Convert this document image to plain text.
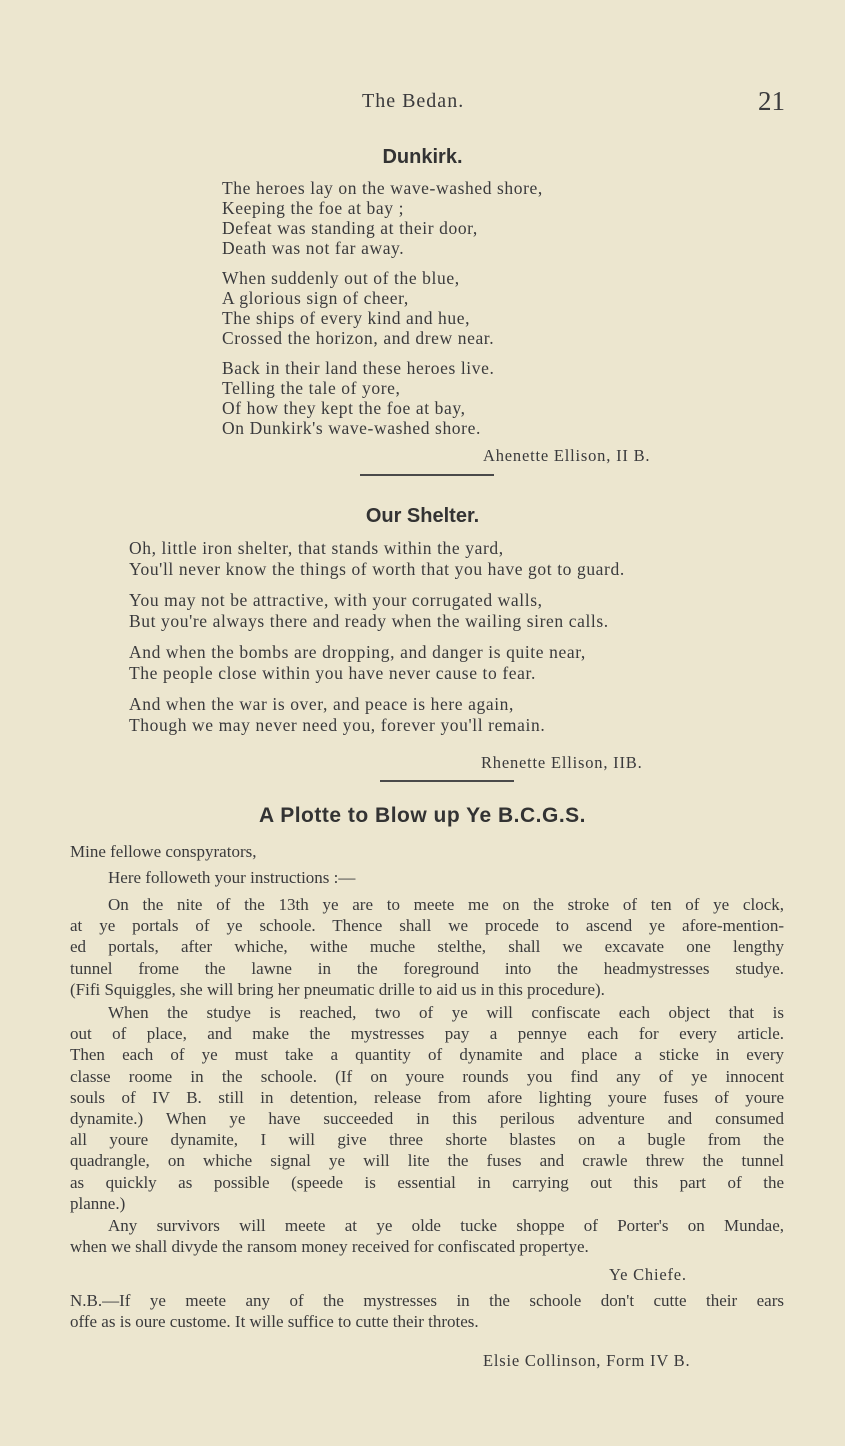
The Bedan.	21
Dunkirk.
The heroes lay on the wave-washed shore,
Keeping the foe at bay ;
Defeat was standing at their door,
Death was not far away.
When suddenly out of the blue,
A glorious sign of cheer,
The ships of every kind and hue,
Crossed the horizon, and drew near.
Back in their land these heroes live.
Telling the tale of yore,
Of how they kept the foe at bay,
On Dunkirk's wave-washed shore.
Ahenette Ellison, II B.
Our Shelter.
Oh, little iron shelter, that stands within the yard,
You'll never know the things of worth that you have got to guard.
You may not be attractive, with your corrugated walls,
But you're always there and ready when the wailing siren calls.
And when the bombs are dropping, and danger is quite near,
The people close within you have never cause to fear.
And when the war is over, and peace is here again,
Though we may never need you, forever you'll remain.
Rhenette Ellison, IIB.
A Plotte to Blow up Ye B.C.G.S.
Mine fellowe conspyrators,
Here followeth your instructions :—
On the nite of the 13th ye are to meete me on the stroke of ten of ye clock,
at ye portals of ye schoole. Thence shall we procede to ascend ye afore-mention-
ed portals, after whiche, withe muche stelthe, shall we excavate one lengthy
tunnel frome the lawne in the foreground into the headmystresses studye.
(Fifi Squiggles, she will bring her pneumatic drille to aid us in this procedure).
When the studye is reached, two of ye will confiscate each object that is
out of place, and make the mystresses pay a pennye each for every article.
Then each of ye must take a quantity of dynamite and place a sticke in every
classe roome in the schoole. (If on youre rounds you find any of ye innocent
souls of IV B. still in detention, release from afore lighting youre fuses of youre
dynamite.) When ye have succeeded in this perilous adventure and consumed
all youre dynamite, I will give three shorte blastes on a bugle from the
quadrangle, on whiche signal ye will lite the fuses and crawle threw the tunnel
as quickly as possible (speede is essential in carrying out this part of the
planne.)
Any survivors will meete at ye olde tucke shoppe of Porter's on Mundae,
when we shall divyde the ransom money received for confiscated propertye.
Ye Chiefe.
N.B.—If ye meete any of the mystresses in the schoole don't cutte their ears
offe as is oure custome. It wille suffice to cutte their throtes.
Elsie Collinson, Form IV B.
